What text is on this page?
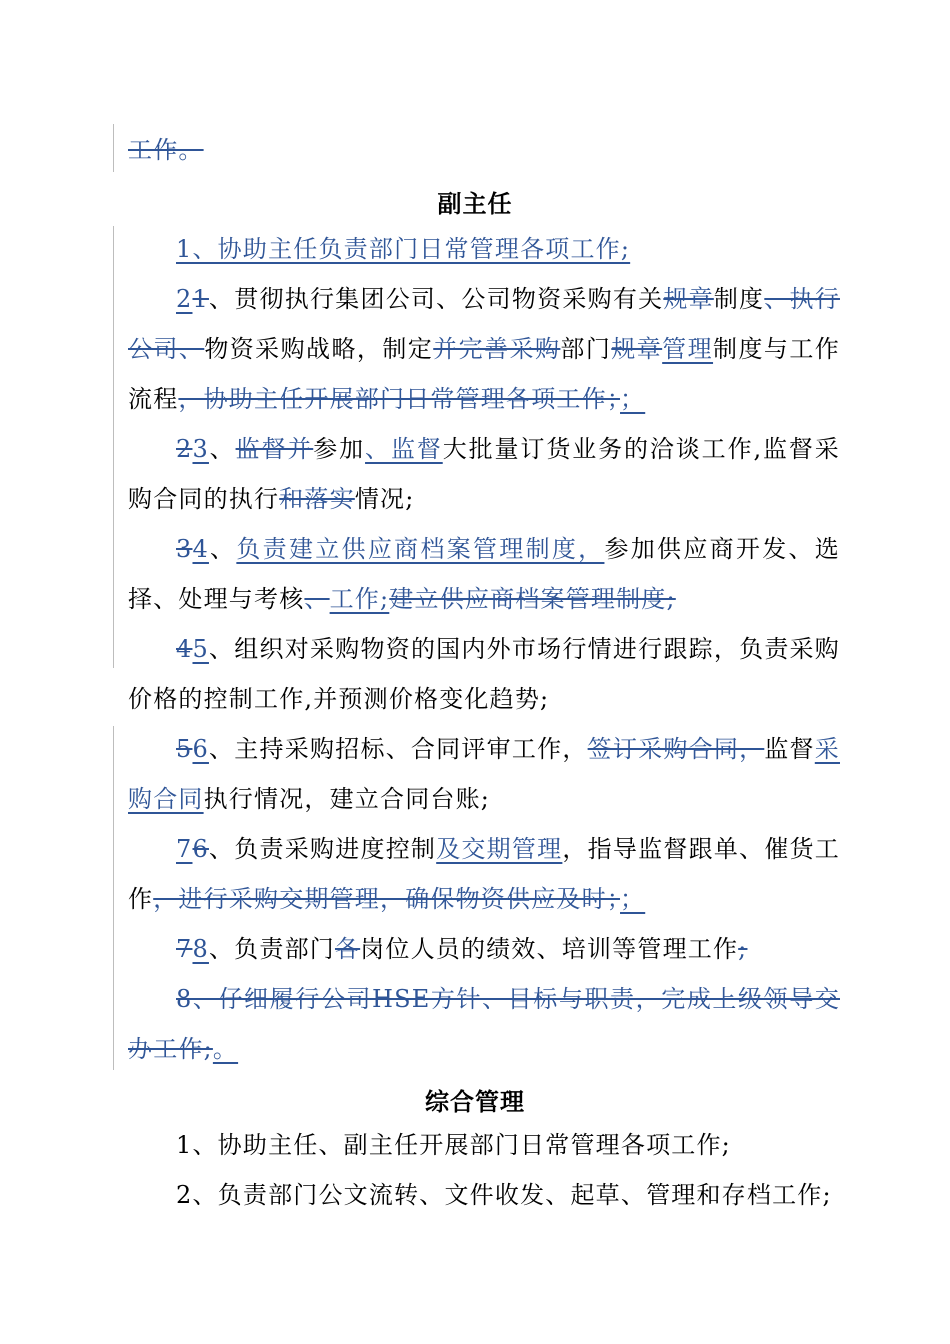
工作。
副主任
1、协助主任负责部门日常管理各项工作;
21、贯彻执行集团公司、公司物资采购有关规章制度、执行公司、物资采购战略，制定并完善采购部门规章管理制度与工作流程，协助主任开展部门日常管理各项工作；；
23、监督并参加、监督大批量订货业务的洽谈工作,监督采购合同的执行和落实情况;
34、负责建立供应商档案管理制度，参加供应商开发、选择、处理与考核、工作;建立供应商档案管理制度;
45、组织对采购物资的国内外市场行情进行跟踪，负责采购价格的控制工作,并预测价格变化趋势;
56、主持采购招标、合同评审工作，签订采购合同，监督采购合同执行情况，建立合同台账;
76、负责采购进度控制及交期管理，指导监督跟单、催货工作，进行采购交期管理，确保物资供应及时；；
78、负责部门各岗位人员的绩效、培训等管理工作;
8、仔细履行公司HSE方针、目标与职责，完成上级领导交办工作;。
综合管理
1、协助主任、副主任开展部门日常管理各项工作;
2、负责部门公文流转、文件收发、起草、管理和存档工作;
